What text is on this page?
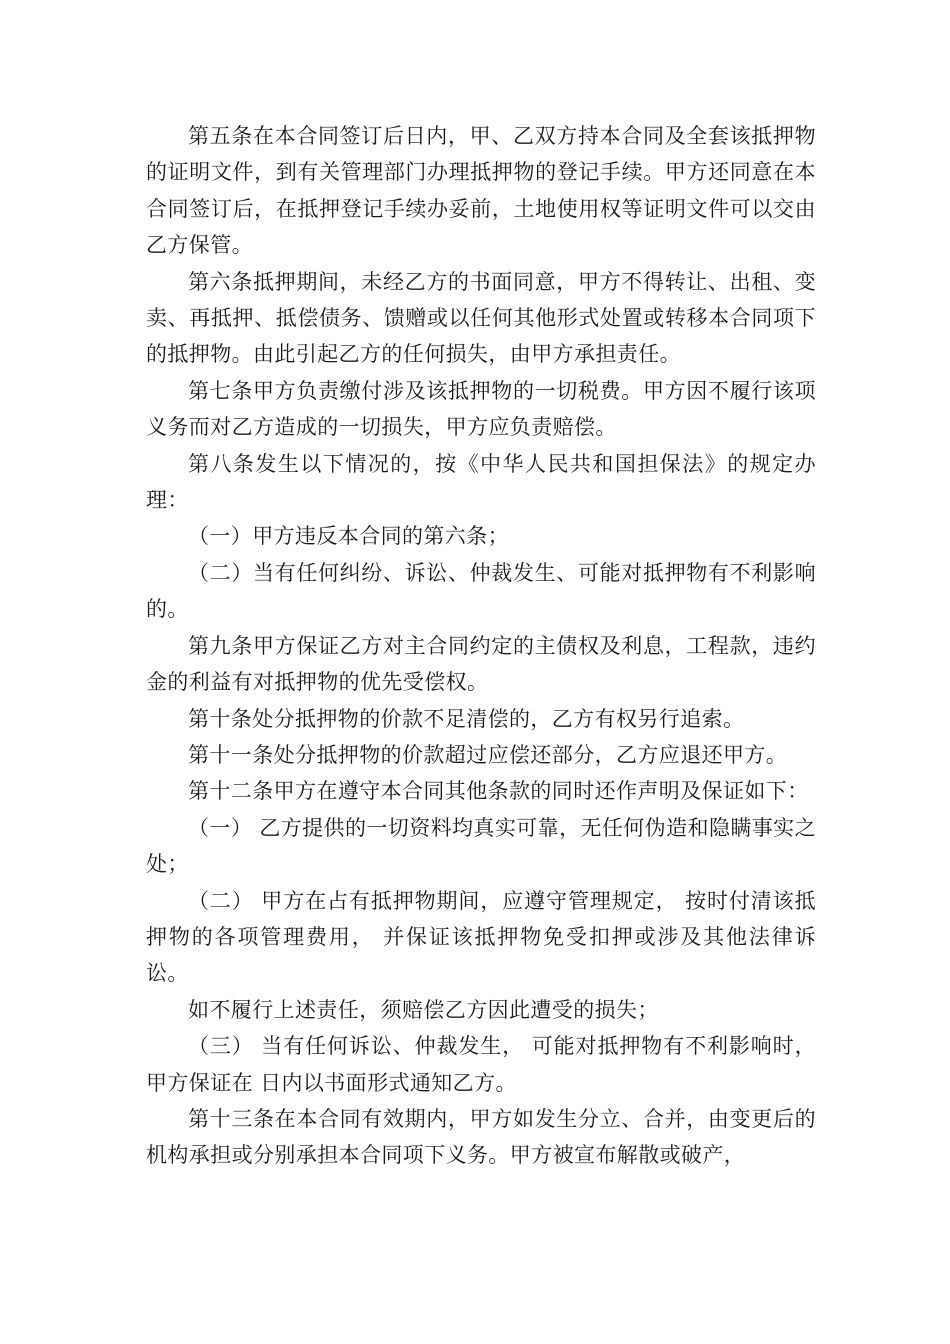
第五条在本合同签订后日内，甲、乙双方持本合同及全套该抵押物的证明文件，到有关管理部门办理抵押物的登记手续。甲方还同意在本合同签订后，在抵押登记手续办妥前，土地使用权等证明文件可以交由乙方保管。

第六条抵押期间，未经乙方的书面同意，甲方不得转让、出租、变卖、再抵押、抵偿债务、馈赠或以任何其他形式处置或转移本合同项下的抵押物。由此引起乙方的任何损失，由甲方承担责任。

第七条甲方负责缴付涉及该抵押物的一切税费。甲方因不履行该项义务而对乙方造成的一切损失，甲方应负责赔偿。

第八条发生以下情况的，按《中华人民共和国担保法》的规定办理：

（一）甲方违反本合同的第六条；

（二）当有任何纠纷、诉讼、仲裁发生、可能对抵押物有不利影响的。

第九条甲方保证乙方对主合同约定的主债权及利息，工程款，违约金的利益有对抵押物的优先受偿权。

第十条处分抵押物的价款不足清偿的，乙方有权另行追索。

第十一条处分抵押物的价款超过应偿还部分，乙方应退还甲方。

第十二条甲方在遵守本合同其他条款的同时还作声明及保证如下：

（一） 乙方提供的一切资料均真实可靠，无任何伪造和隐瞒事实之处；

（二） 甲方在占有抵押物期间，应遵守管理规定， 按时付清该抵押物的各项管理费用， 并保证该抵押物免受扣押或涉及其他法律诉讼。

如不履行上述责任，须赔偿乙方因此遭受的损失；

（三） 当有任何诉讼、仲裁发生， 可能对抵押物有不利影响时，甲方保证在 日内以书面形式通知乙方。

第十三条在本合同有效期内，甲方如发生分立、合并，由变更后的机构承担或分别承担本合同项下义务。甲方被宣布解散或破产，
